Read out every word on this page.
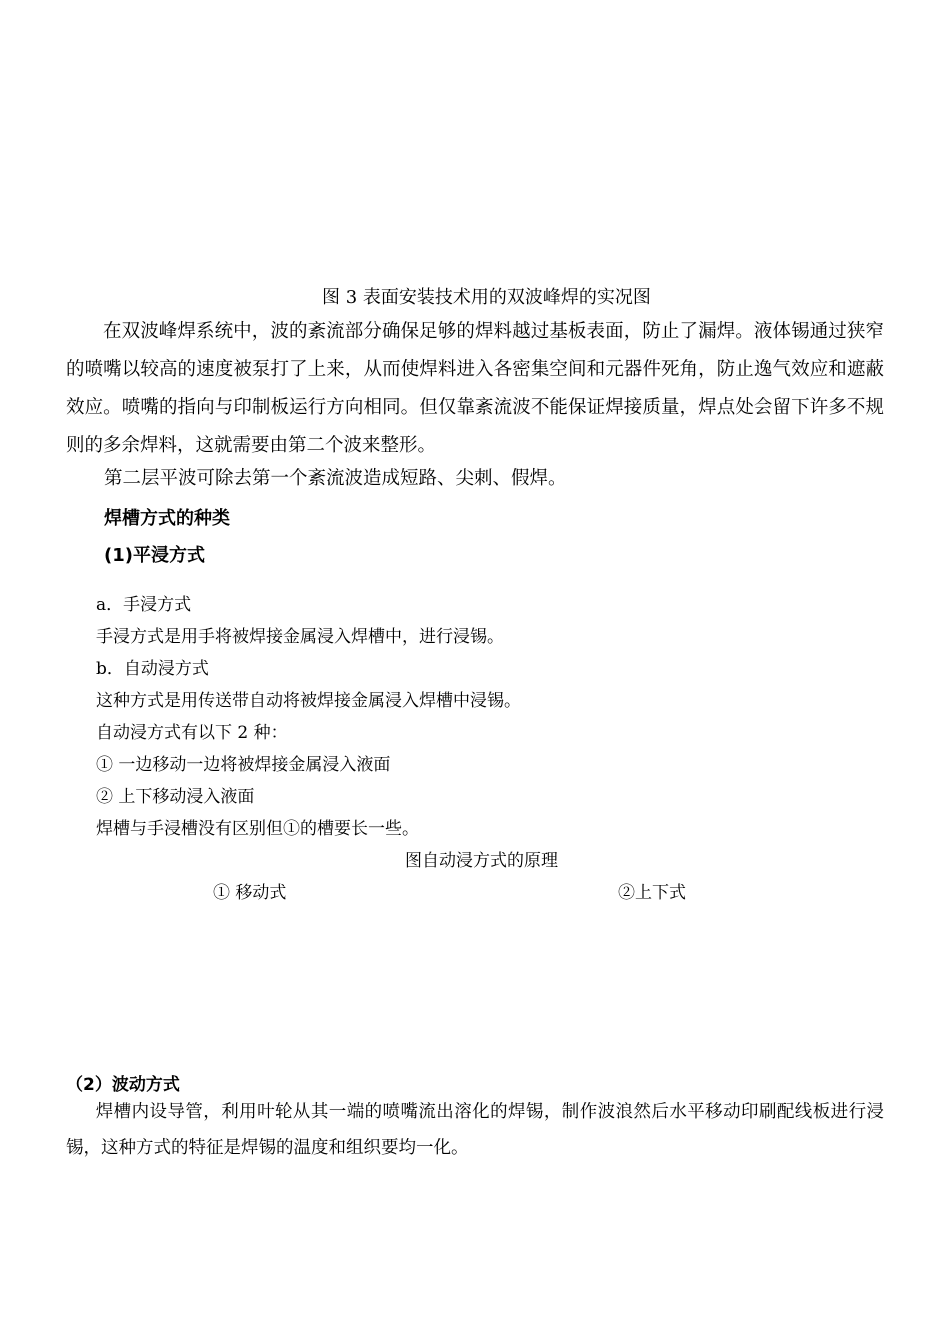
图 3 表面安装技术用的双波峰焊的实况图
在双波峰焊系统中，波的紊流部分确保足够的焊料越过基板表面，防止了漏焊。液体锡通过狭窄的喷嘴以较高的速度被泵打了上来，从而使焊料进入各密集空间和元器件死角，防止逸气效应和遮蔽效应。喷嘴的指向与印制板运行方向相同。但仅靠紊流波不能保证焊接质量，焊点处会留下许多不规则的多余焊料，这就需要由第二个波来整形。
第二层平波可除去第一个紊流波造成短路、尖刺、假焊。
焊槽方式的种类
(1)平浸方式
a．手浸方式
手浸方式是用手将被焊接金属浸入焊槽中，进行浸锡。
b．自动浸方式
这种方式是用传送带自动将被焊接金属浸入焊槽中浸锡。
自动浸方式有以下 2 种：
① 一边移动一边将被焊接金属浸入液面
② 上下移动浸入液面
焊槽与手浸槽没有区别但①的槽要长一些。
图自动浸方式的原理
① 移动式	②上下式
（2）波动方式
焊槽内设导管，利用叶轮从其一端的喷嘴流出溶化的焊锡，制作波浪然后水平移动印刷配线板进行浸锡，这种方式的特征是焊锡的温度和组织要均一化。
